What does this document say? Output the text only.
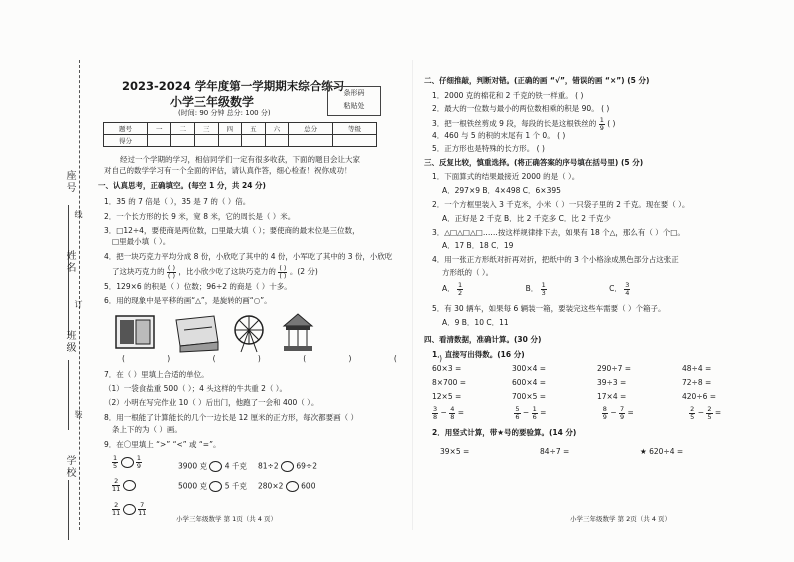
座号
姓名
班级
学校
线
订
装
2023-2024 学年度第一学期期末综合练习
小学三年级数学
(时间: 90 分钟 总分: 100 分)
条形码
粘贴处
题号	一	二	三	四	五	六	总分	等级
得分								
经过一个学期的学习，相信同学们一定有很多收获，下面的题目会让大家
对自己的数学学习有一个全面的评估，请认真作答，细心检查！祝你成功！
一、认真思考，正确填空。(每空 1 分，共 24 分)
1．35 的 7 倍是（ ），35 是 7 的（ ）倍。
2．一个长方形的长 9 米，宽 8 米，它的周长是（ ）米。
3．□12÷4，要使商是两位数，□里最大填（ ）；要使商的最末位是三位数，
□里最小填（ ）。
4．把一块巧克力平均分成 8 份，小欣吃了其中的 4 份，小军吃了其中的 3 份，小欣吃
了这块巧克力的 $\frac{( )}{( )}$ ，比小欣少吃了这块巧克力的 $\frac{( )}{( )}$ 。(2 分)
5．129×6 的积是（ ）位数；96÷2 的商是（ ）十多。
6．用的现象中是平移的画“△”，是旋转的画“○”。
( ) ( ) ( ) ( )
7．在（ ）里填上合适的单位。
（1）一袋食盐重 500（ ）；4 头这样的牛共重 2（ ）。
（2）小明在写完作业 10（ ）后出门，他跑了一会和 400（ ）。
8．用一根能了计算能长的几个一边长是 12 厘米的正方形，每次都要画（ ）
条上下的为（ ）画。
9．在〇里填上 “>” “<” 或 “=”。
$\frac{1}{5}$
	$\frac{1}{9}$	3900 克 4 千克 81÷2 69÷2
$\frac{2}{11}$
	5000 克 5 千克 280×2 600
$\frac{2}{11}$
	$\frac{7}{11}$
小学三年级数学 第 1页（共 4 页）
二、仔细推敲，判断对错。(正确的画 “√”，错误的画 “×”) (5 分)
1．2000 克的棉花和 2 千克的铁一样重。 ( )
2．最大的一位数与最小的两位数相乘的积是 90。 ( )
3．把一根铁丝剪成 9 段，每段的长是这根铁丝的 $\frac{1}{9}$ ( )
4．460 与 5 的积的末尾有 1 个 0。 ( )
5．正方形也是特殊的长方形。 ( )
三、反复比较，慎重选择。(将正确答案的序号填在括号里) (5 分)
1．下面算式的结果最接近 2000 的是（ ）。
A．297×9 B．4×498 C．6×395
2．一个方框里装入 3 千克米，小米（ ）一只袋子里的 2 千克。现在要（ ）。
A．正好是 2 千克 B．比 2 千克多 C．比 2 千克少
3．△□△□△□……按这样规律排下去，如果有 18 个△，那么有（ ）个□。
A．17 B．18 C．19
4．用一张正方形纸对折再对折，把纸中的 3 个小格涂成黑色部分占这张正
方形纸的（ ）。
A． $\frac{1}{2}$	B． $\frac{1}{3}$	C． $\frac{3}{4}$
5．有 30 辆车，如果每 6 辆装一箱，要装完这些车需要（ ）个箱子。
A．9 B．10 C．11
四、看清数据，准确计算。(30 分)
1．直接写出得数。(16 分)
60×3 =	300×4 =	290÷7 =	48÷4 =
8×700 =	600×4 =	39÷3 =	72÷8 =
12×5 =	700×5 =	17×4 =	420÷6 =
$\frac{3}{8} - \frac{4}{8}$ =	$\frac{5}{6} - \frac{1}{6}$ =	$\frac{8}{9} - \frac{7}{9}$ =	$\frac{2}{5} - \frac{2}{5}$ =
2．用竖式计算，带★号的要验算。(14 分)
39×5 =	84÷7 =	★ 620÷4 =
小学三年级数学 第 2页（共 4 页）
